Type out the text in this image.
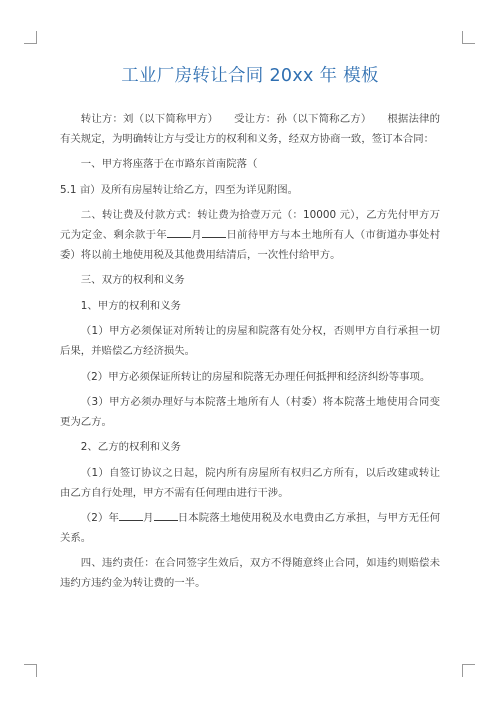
工业厂房转让合同 20xx 年 模板

转让方：刘（以下简称甲方）　　受让方：孙（以下简称乙方）　　根据法律的有关规定，为明确转让方与受让方的权利和义务，经双方协商一致，签订本合同：

一、甲方将座落于在市路东首南院落（

5.1 亩）及所有房屋转让给乙方，四至为详见附图。

二、转让费及付款方式：转让费为拾壹万元（：10000 元），乙方先付甲方万元为定金、剩余款于年 月 日前待甲方与本土地所有人（市街道办事处村委）将以前土地使用税及其他费用结清后，一次性付给甲方。

三、双方的权利和义务

1、甲方的权利和义务

（1）甲方必须保证对所转让的房屋和院落有处分权，否则甲方自行承担一切后果，并赔偿乙方经济损失。

（2）甲方必须保证所转让的房屋和院落无办理任何抵押和经济纠纷等事项。

（3）甲方必须办理好与本院落土地所有人（村委）将本院落土地使用合同变更为乙方。

2、乙方的权利和义务

（1）自签订协议之日起，院内所有房屋所有权归乙方所有，以后改建或转让由乙方自行处理，甲方不需有任何理由进行干涉。

（2）年 月 日本院落土地使用税及水电费由乙方承担，与甲方无任何关系。

四、违约责任：在合同签字生效后，双方不得随意终止合同，如违约则赔偿未违约方违约金为转让费的一半。
